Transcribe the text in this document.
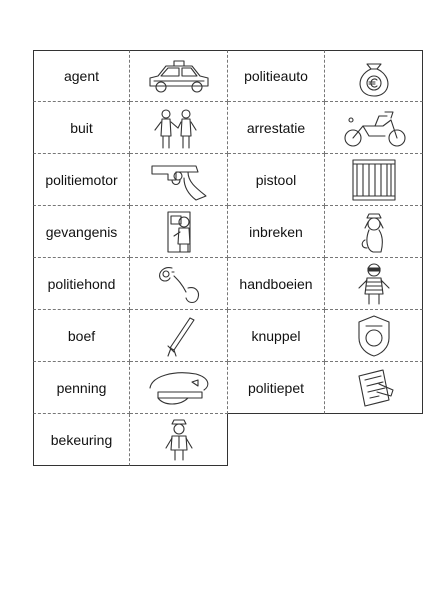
agent	politieauto
buit	arrestatie
politiemotor	pistool
gevangenis	inbreken
politiehond	handboeien
boef	knuppel
penning	politiepet
bekeuring
